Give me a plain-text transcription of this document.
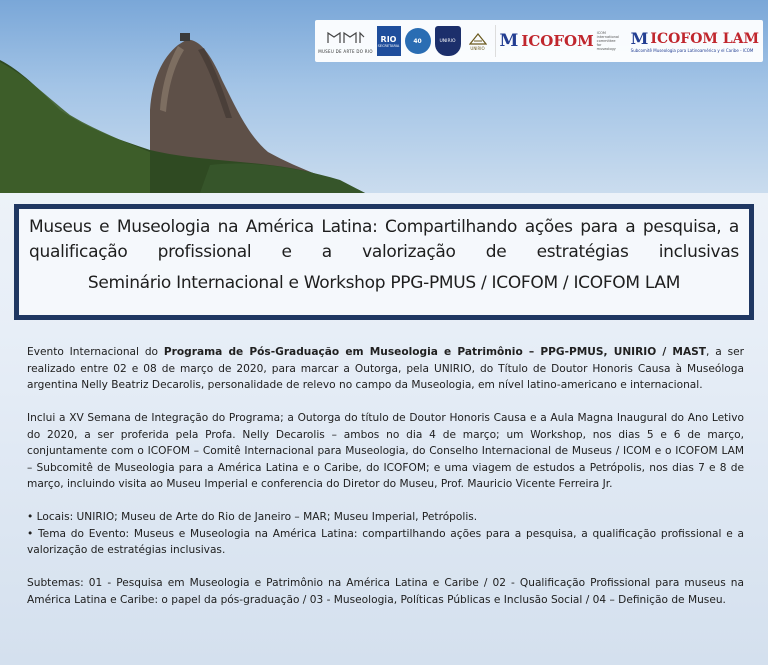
MUSEU DE ARTE DO RIO
RIO
SECRETARIA
40	UNIRIO
UNIRIO M ICOFOM ICOM international committee for museology
M ICOFOM LAM
Subcomitê Museologia para Latinoamérica y el Caribe - ICOM

Museus e Museologia na América Latina: Compartilhando ações para a pesquisa, a qualificação profissional e a valorização de estratégias inclusivas

Seminário Internacional e Workshop PPG-PMUS / ICOFOM / ICOFOM LAM

Evento Internacional do Programa de Pós-Graduação em Museologia e Patrimônio – PPG-PMUS, UNIRIO / MAST, a ser realizado entre 02 e 08 de março de 2020, para marcar a Outorga, pela UNIRIO, do Título de Doutor Honoris Causa à Museóloga argentina Nelly Beatriz Decarolis, personalidade de relevo no campo da Museologia, em nível latino-americano e internacional.

Inclui a XV Semana de Integração do Programa; a Outorga do título de Doutor Honoris Causa e a Aula Magna Inaugural do Ano Letivo do 2020, a ser proferida pela Profa. Nelly Decarolis – ambos no dia 4 de março; um Workshop, nos dias 5 e 6 de março, conjuntamente com o ICOFOM – Comitê Internacional para Museologia, do Conselho Internacional de Museus / ICOM e o ICOFOM LAM – Subcomitê de Museologia para a América Latina e o Caribe, do ICOFOM; e uma viagem de estudos a Petrópolis, nos dias 7 e 8 de março, incluindo visita ao Museu Imperial e conferencia do Diretor do Museu, Prof. Mauricio Vicente Ferreira Jr.

• Locais: UNIRIO; Museu de Arte do Rio de Janeiro – MAR; Museu Imperial, Petrópolis.

• Tema do Evento: Museus e Museologia na América Latina: compartilhando ações para a pesquisa, a qualificação profissional e a valorização de estratégias inclusivas.

Subtemas: 01 - Pesquisa em Museologia e Patrimônio na América Latina e Caribe / 02 - Qualificação Profissional para museus na América Latina e Caribe: o papel da pós-graduação / 03 - Museologia, Políticas Públicas e Inclusão Social / 04 – Definição de Museu.
